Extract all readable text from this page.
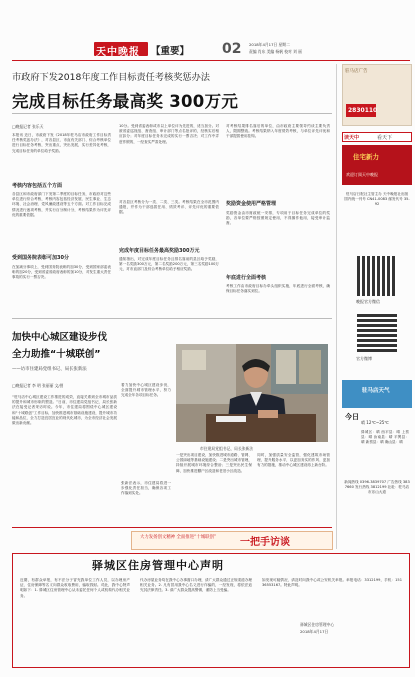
天中晚报 【重要】 02 2018年4月17日 星期二
责编 肖东 美编 杨帆 校对 刘 丽
市政府下发2018年度工作目标责任考核奖惩办法
完成目标任务最高奖 300万元
□晚报记者 张乐天
本报讯 近日，市政府下发《2018年驻马店市政府工作目标责任考核奖惩办法》，对各县区、市直有关部门、综合考核单位进行目标任务考核，突出重点，突出发展，实行差异化考核，完成目标任务的单位给予奖励。
考核内容包括五个方面
各县区和市政府部门下发第二季度的目标任务，市政府对这些单位进行综合考核，考核内容包括经济发展、民生事业、生态环境、社会治理、党风廉政建设等五个方面。对工作目标完成情况进行逐项考核，并实行百分制计分，考核结果作为评先评优的重要依据。
受到国务院表彰可加30分
在加减分事项上，受到国务院表彰的加30分，受到国家部委表彰的加20分，受到省委省政府表彰的加10分，对发生重大责任事故的实行一票否决。
10分。受到省委表彰或市以上单位评为先进的，适当加分。对被省委巡视组、督查组、审计部门等点名批评的，经核实后相应扣分；对年度目标任务未完成的实行一票否决；对工作中弄虚作假的，一经查实严肃处理。
对各县区考核分为一类、二类、三类。考核结果在全市范围内通报，并作为干部选拔任用、绩效考评、评先评优的重要依据。
完成年度目标任务最高奖励300万元
通知指出，对完成年度目标任务且排名靠前的县区给予奖励，第一名奖励300万元，第二名奖励200万元，第三名奖励100万元，对市直部门及综合考核单位给予相应奖励。
对考核结果排名靠后的单位，由市政府主要领导约谈主要负责人，限期整改。考核结果纳入年度绩效考核，与单位评先评优和干部提拔使用挂钩。
奖励资金使用严格管理
奖励资金由市财政统一安排，专项用于目标任务完成单位的奖励，各单位要严格按照规定使用，不得挪作他用，接受审计监督。
年底进行全面考核
考核工作由市政府目标办牵头组织实施，年底进行全面考核，确保目标任务落实到位。
加快中心城区建设步伐
全力助推“十城联创”
——访市住建局党组书记、局长张新法
□晚报记者 李 明 张丽丽 文/图
“驻马店中心城区建设工作推进的成效，直接关系到全市城市品质的提升和城市形象的塑造。”日前，市住建局党组书记、局长张新法在接受记者采访时说。今年，市住建局将围绕中心城区建设和“十城联创”工作目标，加快推进城市基础设施建设，提升城市功能和品位，全力打造宜居宜业的现代化城市，为全市经济社会发展做出新贡献。
着力加快中心城区建设步伐，全面提升城市管理水平，努力完成全年各项目标任务。
市住建局党组书记、局长张新法
张新法表示，市住建局将进一步强化责任担当，确保各项工作落到实处。
一是突出项目建设，加快推进城市道路、管网、公园绿地等基础设施建设；二是突出城市管理，持续开展城市环境综合整治；三是突出民生保障，加快推进棚户区改造和老旧小区改造。
同时，加强质量安全监管，强化建筑市场管理，提升服务水平，以更加务实的作风、更加有力的措施，推动中心城区建设再上新台阶。
驿城区住房管理中心声明
近期，有群众举报，有不法分子冒充我单位工作人员，以办理房产证、住房保障等名义向群众收取费用，骗取钱财。对此，我中心特声明如下：1. 驿城区住房管理中心从未委托任何个人或机构代办相关业务。
代办房屋业务均在我中心办事窗口办理，请广大群众通过正规渠道办理相关业务。2. 凡有冒用我中心名义进行诈骗的，一经发现，将依法追究其法律责任。3. 请广大群众提高警惕，谨防上当受骗。
如发现可疑情况，请及时向我中心或公安机关举报。举报电话：3312199，手机：15136553167。特此声明。
驿城区住房管理中心
2018年4月17日
驻马店广告
2830110
读天中	看天下
住宅新力
欢迎订阅天中晚报
驻马店日报社主管主办 天中晚报社出版 国内统一刊号 CN41-0083 邮发代号 35-92
晚报官方微信
官方微博
驻马店天气
今日
晴 12℃~25℃
驿城区：晴 西平县：晴 上蔡县：晴 汝南县：晴 平舆县：晴 新蔡县：晴 确山县：晴
新闻热线 0396-3839707 广告热线 3837660 发行热线 3812199 社址：驻马店市乐山大道
大力发扬创文精神 全面推进“十城联创” 一把手访谈
